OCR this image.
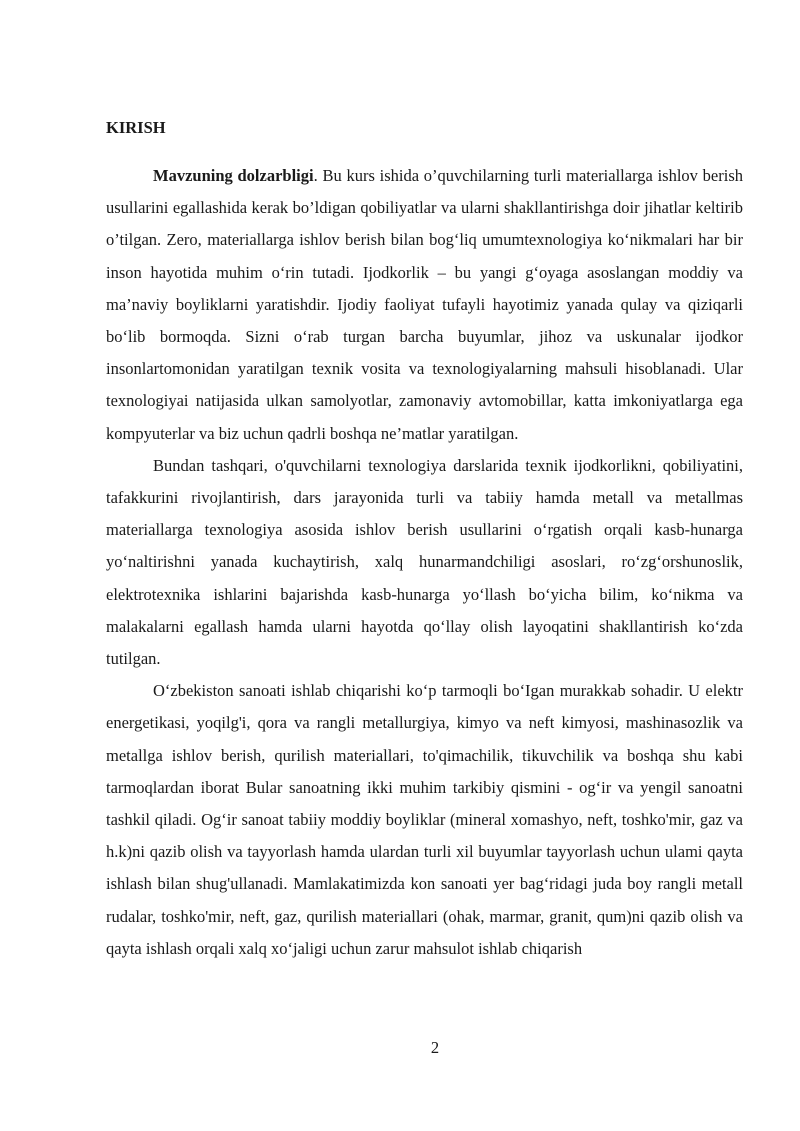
KIRISH

Mavzuning dolzarbligi. Bu kurs ishida o’quvchilarning turli materiallarga ishlov berish usullarini egallashida kerak bo’ldigan qobiliyatlar va ularni shakllantirishga doir jihatlar keltirib o’tilgan. Zero, materiallarga ishlov berish bilan bog‘liq umumtexnologiya ko‘nikmalari har bir inson hayotida muhim o‘rin tutadi. Ijodkorlik – bu yangi g‘oyaga asoslangan moddiy va ma’naviy boyliklarni yaratishdir. Ijodiy faoliyat tufayli hayotimiz yanada qulay va qiziqarli bo‘lib bormoqda. Sizni o‘rab turgan barcha buyumlar, jihoz va uskunalar ijodkor insonlartomonidan yaratilgan texnik vosita va texnologiyalarning mahsuli hisoblanadi. Ular texnologiyai natijasida ulkan samolyotlar, zamonaviy avtomobillar, katta imkoniyatlarga ega kompyuterlar va biz uchun qadrli boshqa ne’matlar yaratilgan.

Bundan tashqari, o'quvchilarni texnologiya darslarida texnik ijodkorlikni, qobiliyatini, tafakkurini rivojlantirish, dars jarayonida turli va tabiiy hamda metall va metallmas materiallarga texnologiya asosida ishlov berish usullarini o‘rgatish orqali kasb-hunarga yo‘naltirishni yanada kuchaytirish, xalq hunarmandchiligi asoslari, ro‘zg‘orshunoslik, elektrotexnika ishlarini bajarishda kasb-hunarga yo‘llash bo‘yicha bilim, ko‘nikma va malakalarni egallash hamda ularni hayotda qo‘llay olish layoqatini shakllantirish ko‘zda tutilgan.

O‘zbekiston sanoati ishlab chiqarishi ko‘p tarmoqli bo‘Igan murakkab sohadir. U elektr energetikasi, yoqilg'i, qora va rangli metallurgiya, kimyo va neft kimyosi, mashinasozlik va metallga ishlov berish, qurilish materiallari, to'qimachilik, tikuvchilik va boshqa shu kabi tarmoqlardan iborat Bular sanoatning ikki muhim tarkibiy qismini - og‘ir va yengil sanoatni tashkil qiladi. Og‘ir sanoat tabiiy moddiy boyliklar (mineral xomashyo, neft, toshko'mir, gaz va h.k)ni qazib olish va tayyorlash hamda ulardan turli xil buyumlar tayyorlash uchun ulami qayta ishlash bilan shug'ullanadi. Mamlakatimizda kon sanoati yer bag‘ridagi juda boy rangli metall rudalar, toshko'mir, neft, gaz, qurilish materiallari (ohak, marmar, granit, qum)ni qazib olish va qayta ishlash orqali xalq xo‘jaligi uchun zarur mahsulot ishlab chiqarish

2
